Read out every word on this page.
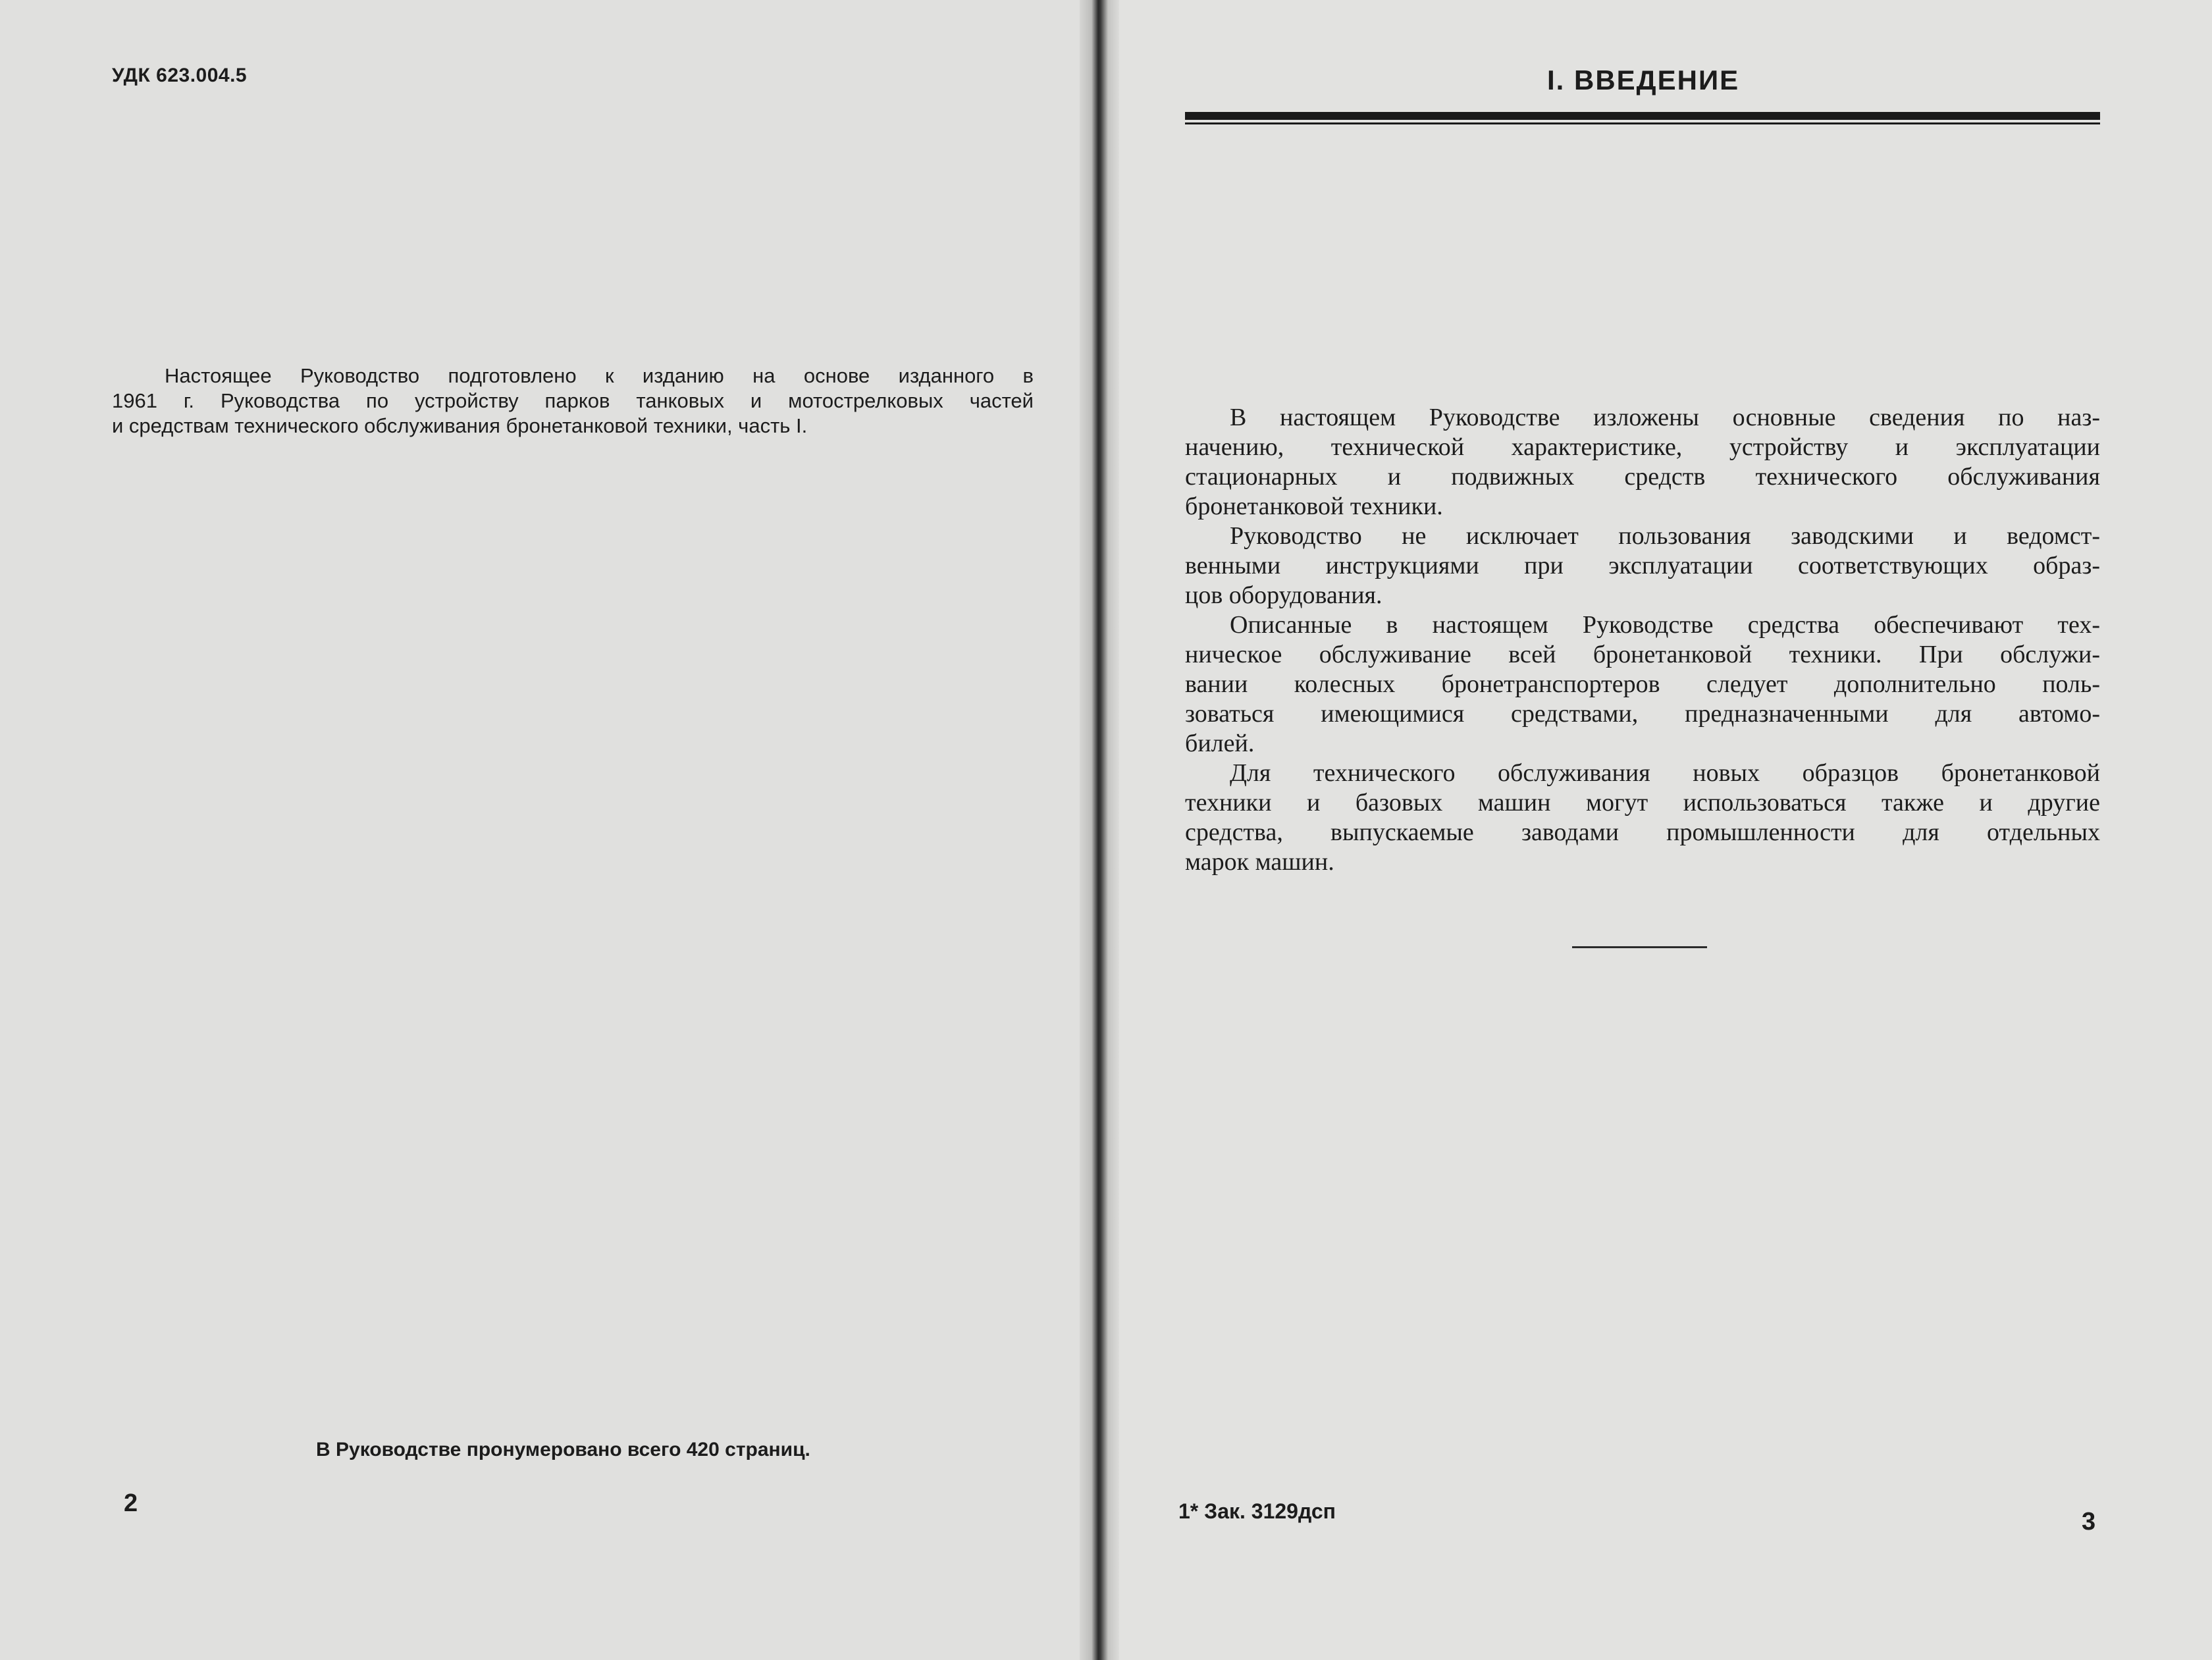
УДК 623.004.5
Настоящее Руководство подготовлено к изданию на основе изданного в
1961 г. Руководства по устройству парков танковых и мотострелковых частей
и средствам технического обслуживания бронетанковой техники, часть I.
В Руководстве пронумеровано всего 420 страниц.
2
I. ВВЕДЕНИЕ
В настоящем Руководстве изложены основные сведения по наз-
начению, технической характеристике, устройству и эксплуатации
стационарных и подвижных средств технического обслуживания
бронетанковой техники.
Руководство не исключает пользования заводскими и ведомст-
венными инструкциями при эксплуатации соответствующих образ-
цов оборудования.
Описанные в настоящем Руководстве средства обеспечивают тех-
ническое обслуживание всей бронетанковой техники. При обслужи-
вании колесных бронетранспортеров следует дополнительно поль-
зоваться имеющимися средствами, предназначенными для автомо-
билей.
Для технического обслуживания новых образцов бронетанковой
техники и базовых машин могут использоваться также и другие
средства, выпускаемые заводами промышленности для отдельных
марок машин.
1* Зак. 3129дсп	3
